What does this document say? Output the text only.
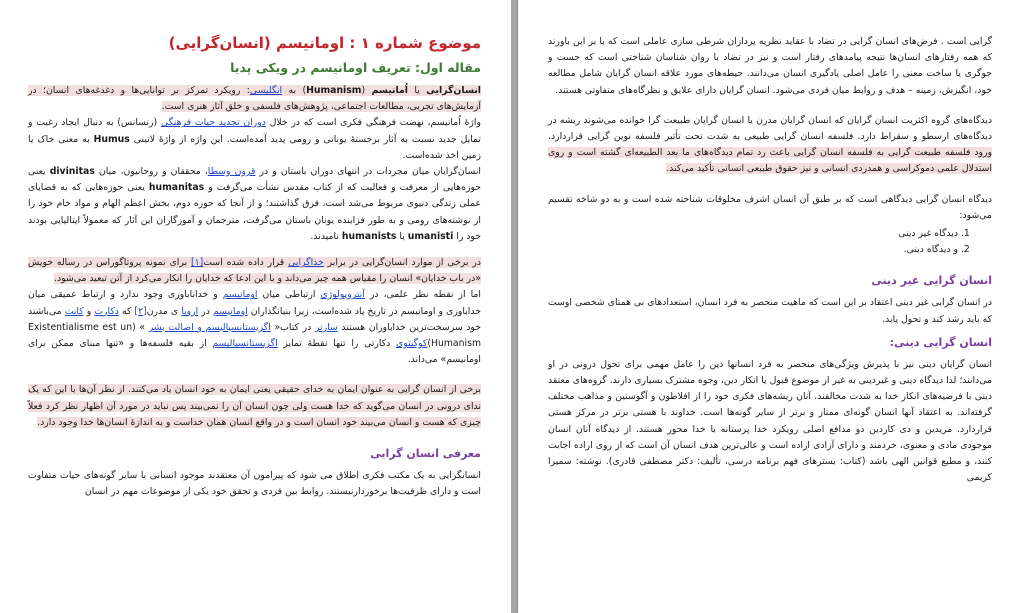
موضوع شماره ۱ : اومانیسم (انسان‌گرایی)

مقاله اول: تعریف اومانیسم در ویکی پدیا

انسان‌گرایی یا اُمانیسم (Humanism) به انگلیسی: رویکرد تمرکز بر توانایی‌ها و دغدغه‌های انسان؛ در آزمایش‌های تجربی، مطالعات اجتماعی، پژوهش‌های فلسفی و خلق آثار هنری است.

واژهٔ اُمانیسم، نهضت فرهنگی فکری است که در خلال دوران تجدید حیات فرهنگی (رنسانس) به دنبال ایجاد رغبت و تمایل جدید نسبت به آثار برجستهٔ یونانی و رومی پدید آمده‌است. این واژه از واژهٔ لاتینی Humus به معنی خاک یا زمین اخذ شده‌است.

انسان‌گرایان میان مجردات در انتهای دوران باستان و در قرون وسطا، محققان و روحانیون، میان divinitas یعنی حوزه‌هایی از معرفت و فعالیت که از کتاب مقدس نشأت می‌گرفت و humanitas یعنی حوزه‌هایی که به قضایای عملی زندگی دنیوی مربوط می‌شد است، فرق گذاشتند؛ و از آنجا که حوزه دوم، بخش اعظم الهام و مواد خام خود را از نوشته‌های رومی و به طور فزاینده یونان باستان می‌گرفت، مترجمان و آموزگاران این آثار که معمولاً ایتالیایی بودند خود را umanisti یا humanists نامیدند.

در برخی از موارد انسان‌گرایی در برابر خداگرایی قرار داده شده است[۱] برای نمونه پروتاگوراس در رساله خویش «در باب خدایان» انسان را مقیاس همه چیز می‌داند و با این ادعا که خدایان را انکار می‌کرد از آتن تبعید می‌شود.

اما از نقطه نظر علمی، در آنتروپولوژی ارتباطی میان اومانیسم و خداناباوری وجود ندارد و ارتباط عمیقی میان خداباوری و اومانیسم در تاریخ یاد شده‌است، زیرا بنیانگذاران اومانیسم در اروپا ی مدرن[۲] که دکارت و کانت می‌باشند خود سرسخت‌ترین خداباوران هستند سارتر در کتاب« اگزیستانسیالیسم و اصالت بشر » (Existentialisme est un Humanism)کوگیتوی دکارتی را تنها نقطهٔ تمایز اگزیستانسیالیسم از بقیه فلسفه‌ها و «تنها مبنای ممکن برای اومانیسم» می‌داند.

برخی از انسان گرایی به عنوان ایمان به خدای حقیقی یعنی ایمان به خود انسان یاد می‌کنند. از نظر آن‌ها با این که یک ندای درونی در انسان می‌گوید که خدا هست ولی چون انسان آن را نمی‌بیند پس نباید در مورد آن اظهار نظر کرد فعلاً چیزی که هست و انسان می‌بیند خود انسان است و در واقع انسان همان خداست و به اندازهٔ انسان‌ها خدا وجود دارد.

معرفی انسان گرایی

انسانگرایی به یک مکتب فکری اطلاق می شود که پیرامون آن معتقدند موجود انسانی با سایر گونه‌های حیات متفاوت است و دارای ظرفیت‌ها برخوردارنیستند. روابط بین فردی و تحقق خود یکی از موضوعات مهم در انسان

گرایی است . فرض‌های انسان گرایی در تضاد با عقاید نظریه پردازان شرطی سازی عاملی است که با بر این باورند که همه رفتارهای انسان‌ها نتیجه پیامدهای رفتار است و نیز در تضاد با روان شناسان شناختی است که جست و جوگری یا ساخت معنی را عامل اصلی یادگیری انسان می‌دانند. حیطه‌های مورد علاقه انسان گرایان شامل مطالعه خود، انگیزش، زمینه – هدف و روابط میان فردی می‌شود. انسان گرایان دارای علایق و نظرگاه‌های متفاوتی هستند.

دیدگاه‌های گروه اکثریت انسان گرایان که انسان گرایان مدرن یا انسان گرایان طبیعت گرا خوانده می‌شوند ریشه در دیدگاه‌های ارسطو و سقراط دارد. فلسفه انسان گرایی طبیعی به شدت تحت تأثیر فلسفه نوین گرایی قراردارد. ورود فلسفه طبیعت گرایی به فلسفه انسان گرایی باعث رد تمام دیدگاه‌های ما بعد الطبیعه‌ای گشته است و روی استدلال علمی دموکراسی و همدردی انسانی و نیز حقوق طبیعی انسانی تأکید می‌کند.

دیدگاه انسان گرایی دیدگاهی است که بر طبق آن انسان اشرف مخلوقات شناخته شده است و به دو شاخه تقسیم می‌شود:

1. دیدگاه غیر دینی
2. و دیدگاه دینی.

انسان گرایی غیر دینی

در انسان گرایی غیر دینی اعتقاد بر این است که ماهیت منحصر به فرد انسان، استعدادهای بی همتای شخصی اوست که باید رشد کند و تحول یابد.

انسان گرایی دینی:

انسان گرایان دینی نیز با پذیرش ویژگی‌های منحصر به فرد انسانها دین را عامل مهمی برای تحول درونی در او می‌دانند؛ لذا دیدگاه دینی و غیردینی به غیر از موضوع قبول یا انکار دین، وجوه مشترک بسیاری دارند. گروه‌های معتقد دینی با فرضیه‌های انکار خدا به شدت مخالفند. آنان ریشه‌های فکری خود را از افلاطون و آگوستین و مذاهب مختلف گرفته‌اند. به اعتقاد آنها انسان گونه‌ای ممتاز و برتر از سایر گونه‌ها است. خداوند با هستی برتر در مرکز هستی قراردارد. مریدین و دی کاردین دو مدافع اصلی رویکرد خدا پرستانه با خدا محور هستند. از دیدگاه آنان انسان موجودی مادی و معنوی، خردمند و دارای آزادی اراده است و عالی‌ترین هدف انسان آن است که از روی اراده اجابت کنند، و مطیع قوانین الهی باشد (کتاب: بسترهای فهم برنامه درسی، تألیف: دکتر مصطفی قادری). نوشته: سمیرا کریمی
